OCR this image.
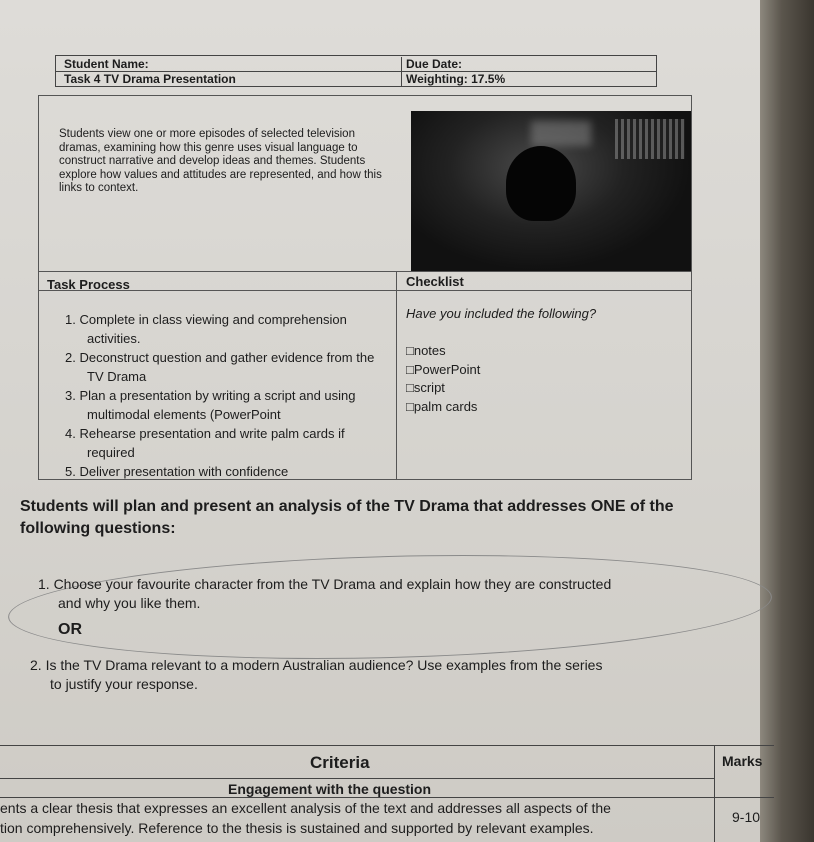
Student Name:	Due Date:
Task 4 TV Drama Presentation	Weighting: 17.5%
Students view one or more episodes of selected television dramas, examining how this genre uses visual language to construct narrative and develop ideas and themes. Students explore how values and attitudes are represented, and how this links to context.
Task Process	Checklist
1. Complete in class viewing and comprehension activities.
2. Deconstruct question and gather evidence from the TV Drama
3. Plan a presentation by writing a script and using multimodal elements (PowerPoint
4. Rehearse presentation and write palm cards if required
5. Deliver presentation with confidence
Have you included the following?
□notes
□PowerPoint
□script
□palm cards
Students will plan and present an analysis of the TV Drama that addresses ONE of the following questions:
1. Choose your favourite character from the TV Drama and explain how they are constructed
and why you like them.
OR
2. Is the TV Drama relevant to a modern Australian audience? Use examples from the series
to justify your response.
Criteria	Marks
Engagement with the question
ents a clear thesis that expresses an excellent analysis of the text and addresses all aspects of the
tion comprehensively. Reference to the thesis is sustained and supported by relevant examples.
9-10
